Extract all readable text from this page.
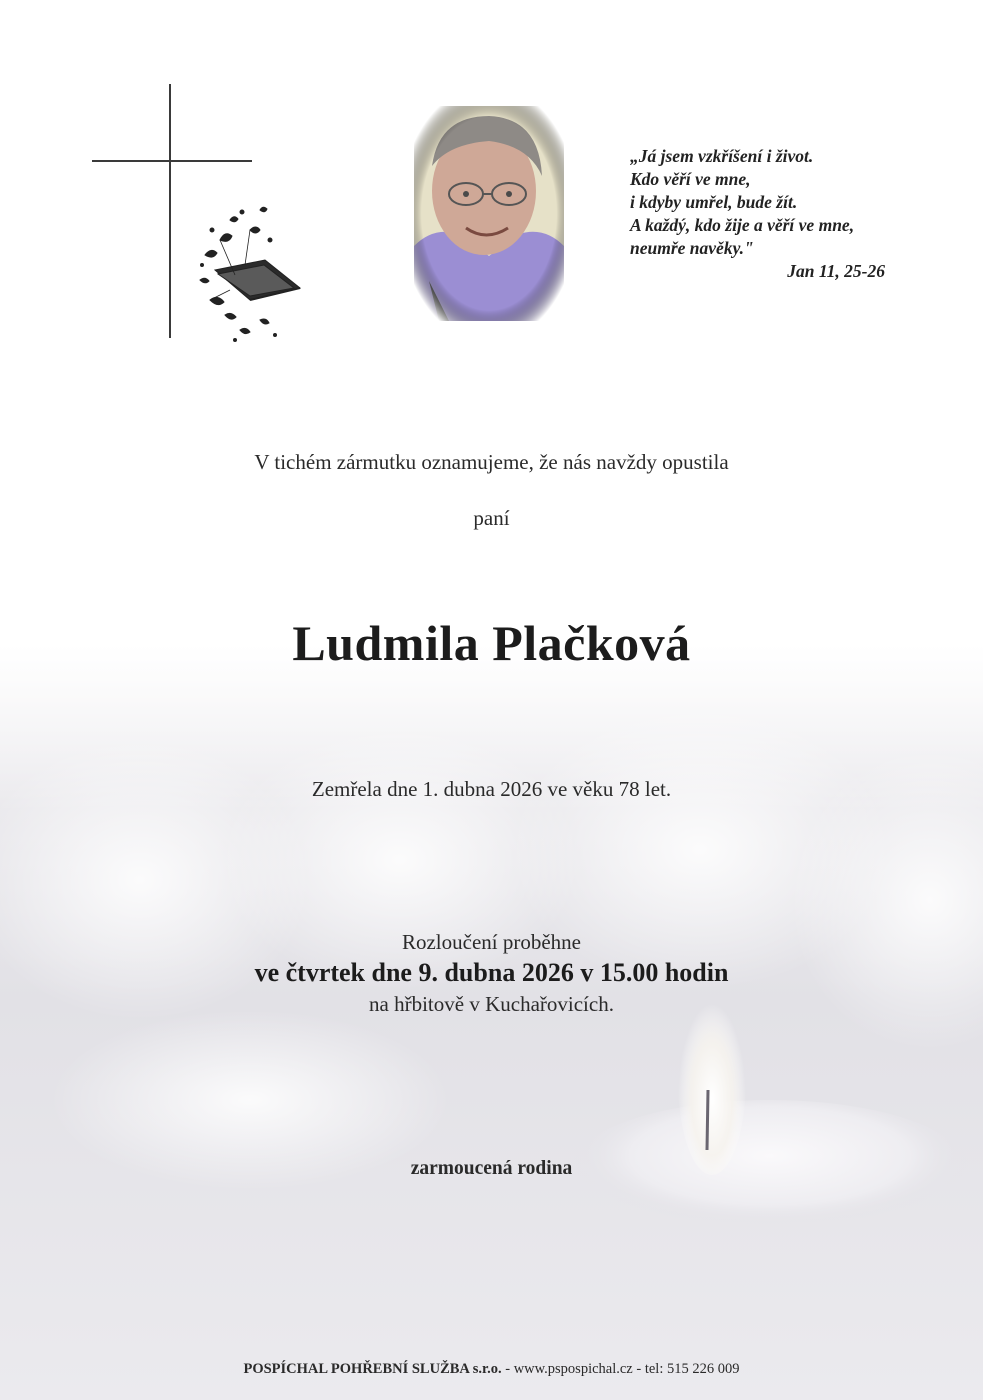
„Já jsem vzkříšení i život.
Kdo věří ve mne,
i kdyby umřel, bude žít.
A každý, kdo žije a věří ve mne,
neumře navěky."
Jan 11, 25-26
V tichém zármutku oznamujeme, že nás navždy opustila
paní
Ludmila Plačková
Zemřela dne 1. dubna 2026 ve věku 78 let.
Rozloučení proběhne
ve čtvrtek dne 9. dubna 2026 v 15.00 hodin
na hřbitově v Kuchařovicích.
zarmoucená rodina
POSPÍCHAL POHŘEBNÍ SLUŽBA s.r.o. - www.pspospichal.cz - tel: 515 226 009
